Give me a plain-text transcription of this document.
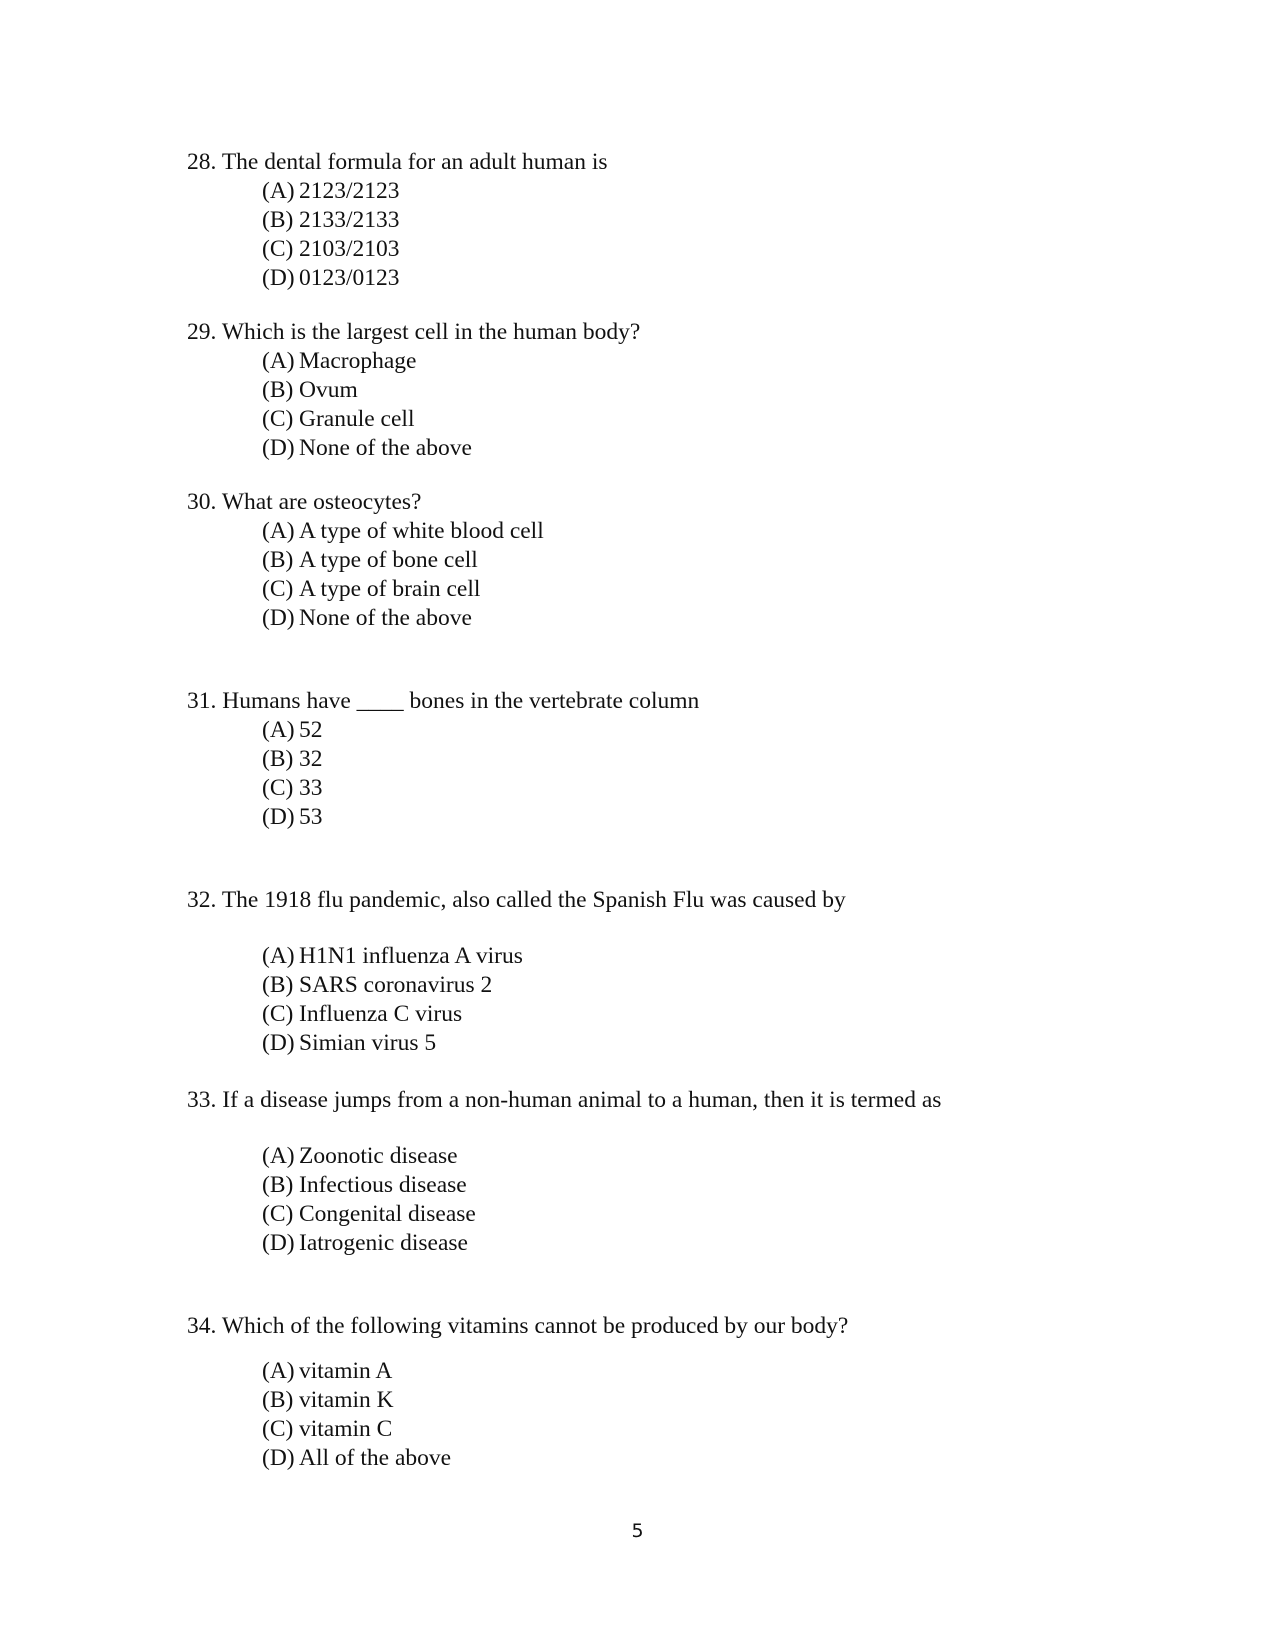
28. The dental formula for an adult human is
(A) 2123/2123
(B) 2133/2133
(C) 2103/2103
(D) 0123/0123
29. Which is the largest cell in the human body?
(A) Macrophage
(B) Ovum
(C) Granule cell
(D) None of the above
30. What are osteocytes?
(A) A type of white blood cell
(B) A type of bone cell
(C) A type of brain cell
(D) None of the above
31. Humans have ____ bones in the vertebrate column
(A) 52
(B) 32
(C) 33
(D) 53
32. The 1918 flu pandemic, also called the Spanish Flu was caused by
(A) H1N1 influenza A virus
(B) SARS coronavirus 2
(C) Influenza C virus
(D) Simian virus 5
33. If a disease jumps from a non-human animal to a human, then it is termed as
(A) Zoonotic disease
(B) Infectious disease
(C) Congenital disease
(D) Iatrogenic disease
34. Which of the following vitamins cannot be produced by our body?
(A) vitamin A
(B) vitamin K
(C) vitamin C
(D) All of the above
5
